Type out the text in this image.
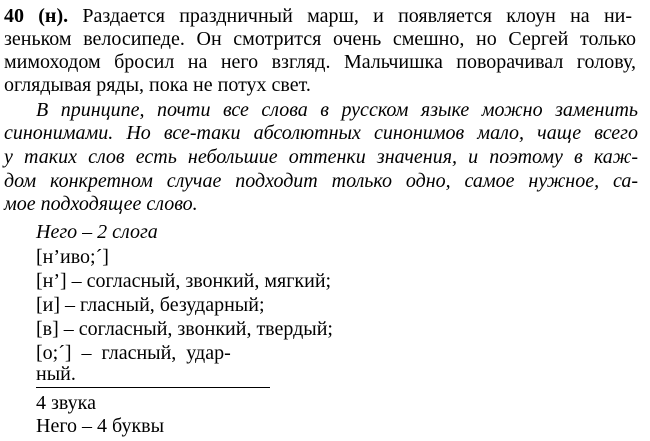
40 (н). Раздается праздничный марш, и появляется клоун на ни-
зеньком велосипеде. Он смотрится очень смешно, но Сергей только
мимоходом бросил на него взгляд. Мальчишка поворачивал голову,
оглядывая ряды, пока не потух свет.
В принципе, почти все слова в русском языке можно заменить
синонимами. Но все-таки абсолютных синонимов мало, чаще всего
у таких слов есть небольшие оттенки значения, и поэтому в каж-
дом конкретном случае подходит только одно, самое нужное, са-
мое подходящее слово.
Него – 2 слога
[н’иво;´]
[н’] – согласный, звонкий, мягкий;
[и] – гласный, безударный;
[в] – согласный, звонкий, твердый;
[о;´]  –  гласный,  удар-
ный.
4 звука
Него – 4 буквы
